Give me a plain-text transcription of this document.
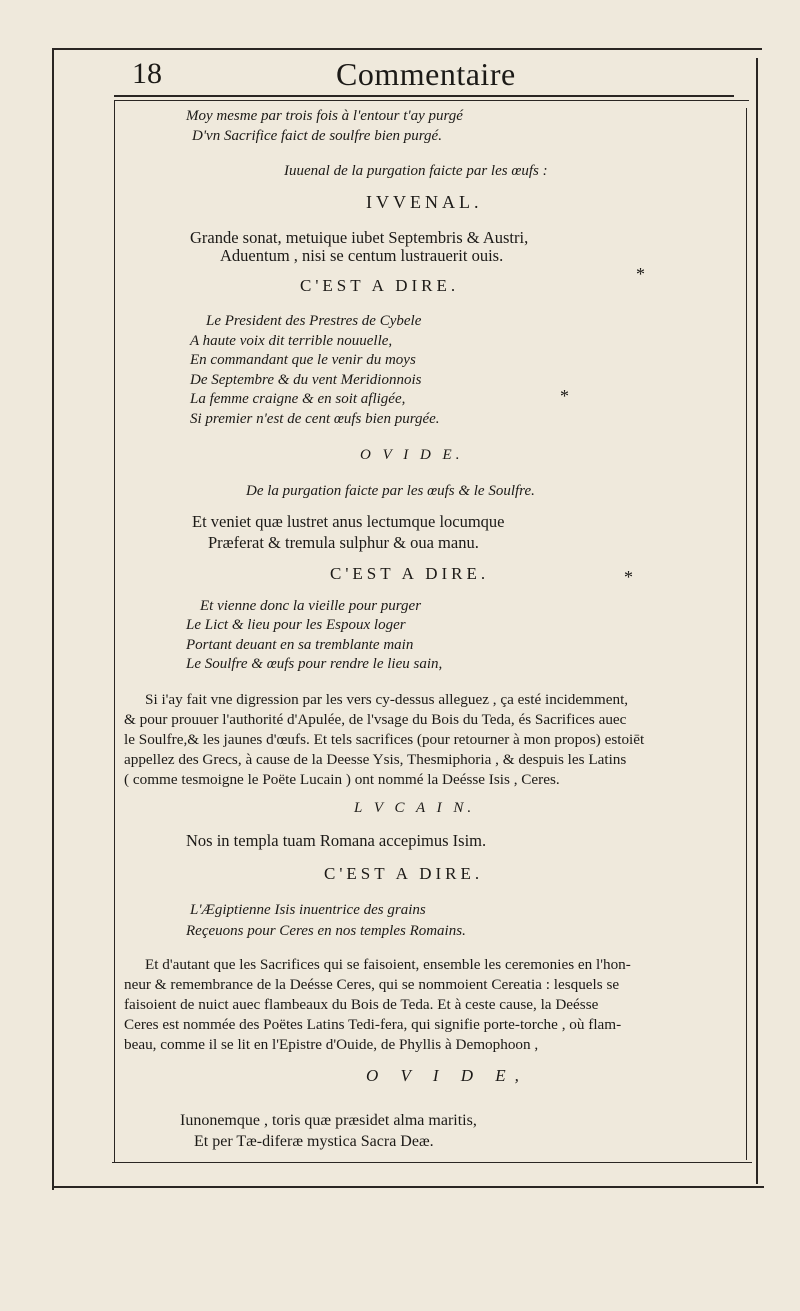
18	Commentaire
Moy mesme par trois fois à l'entour t'ay purgé
D'vn Sacrifice faict de soulfre bien purgé.
Iuuenal de la purgation faicte par les œufs :
IVVENAL.
Grande sonat, metuique iubet Septembris & Austri,
Aduentum , nisi se centum lustrauerit ouis.
C'EST A DIRE.
*
Le President des Prestres de Cybele
A haute voix dit terrible nouuelle,
En commandant que le venir du moys
De Septembre & du vent Meridionnois
La femme craigne & en soit afligée,
Si premier n'est de cent œufs bien purgée.
*
O V I D E.
De la purgation faicte par les œufs & le Soulfre.
Et veniet quæ lustret anus lectumque locumque
Præferat & tremula sulphur & oua manu.
C'EST A DIRE.	*
Et vienne donc la vieille pour purger
Le Lict & lieu pour les Espoux loger
Portant deuant en sa tremblante main
Le Soulfre & œufs pour rendre le lieu sain,
Si i'ay fait vne digression par les vers cy-dessus alleguez , ça esté incidemment,
& pour prouuer l'authorité d'Apulée, de l'vsage du Bois du Teda, és Sacrifices auec
le Soulfre,& les jaunes d'œufs. Et tels sacrifices (pour retourner à mon propos) estoiēt
appellez des Grecs, à cause de la Deesse Ysis, Thesmiphoria , & despuis les Latins
( comme tesmoigne le Poëte Lucain ) ont nommé la Deésse Isis , Ceres.
L V C A I N.
Nos in templa tuam Romana accepimus Isim.
C'EST A DIRE.
L'Ægiptienne Isis inuentrice des grains
Reçeuons pour Ceres en nos temples Romains.
Et d'autant que les Sacrifices qui se faisoient, ensemble les ceremonies en l'hon-
neur & remembrance de la Deésse Ceres, qui se nommoient Cereatia : lesquels se
faisoient de nuict auec flambeaux du Bois de Teda. Et à ceste cause, la Deésse
Ceres est nommée des Poëtes Latins Tedi-fera, qui signifie porte-torche , où flam-
beau, comme il se lit en l'Epistre d'Ouide, de Phyllis à Demophoon ,
O V I D E,
Iunonemque , toris quæ præsidet alma maritis,
Et per Tæ-diferæ mystica Sacra Deæ.
